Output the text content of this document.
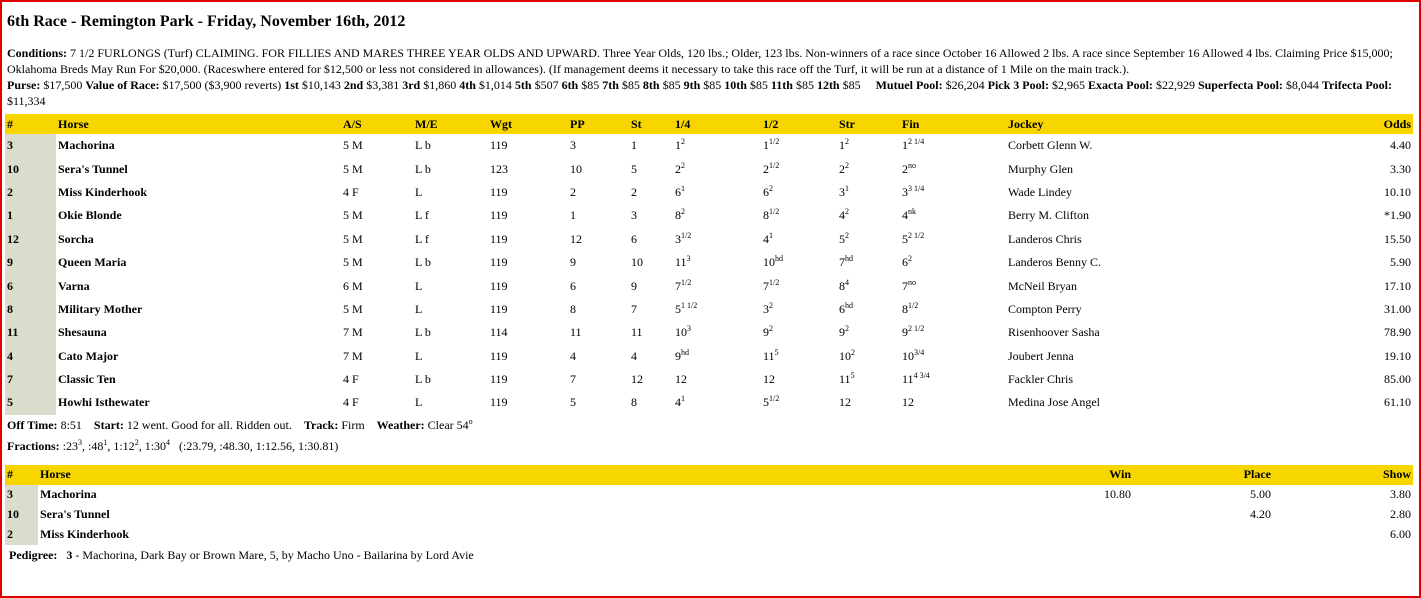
6th Race - Remington Park - Friday, November 16th, 2012
Conditions: 7 1/2 FURLONGS (Turf) CLAIMING. FOR FILLIES AND MARES THREE YEAR OLDS AND UPWARD. Three Year Olds, 120 lbs.; Older, 123 lbs. Non-winners of a race since October 16 Allowed 2 lbs. A race since September 16 Allowed 4 lbs. Claiming Price $15,000; Oklahoma Breds May Run For $20,000. (Raceswhere entered for $12,500 or less not considered in allowances). (If management deems it necessary to take this race off the Turf, it will be run at a distance of 1 Mile on the main track.).
Purse: $17,500 Value of Race: $17,500 ($3,900 reverts) 1st $10,143 2nd $3,381 3rd $1,860 4th $1,014 5th $507 6th $85 7th $85 8th $85 9th $85 10th $85 11th $85 12th $85 Mutuel Pool: $26,204 Pick 3 Pool: $2,965 Exacta Pool: $22,929 Superfecta Pool: $8,044 Trifecta Pool: $11,334
#	Horse	A/S	M/E	Wgt	PP	St	1/4	1/2	Str	Fin	Jockey	Odds
3	Machorina	5 M	L b	119	3	1	$1^2$	$1^{1/2}$	$1^2$	$1^{2 1/4}$	Corbett Glenn W.	4.40
10	Sera's Tunnel	5 M	L b	123	10	5	$2^2$	$2^{1/2}$	$2^2$	$2^{no}$	Murphy Glen	3.30
2	Miss Kinderhook	4 F	L	119	2	2	$6^1$	$6^2$	$3^1$	$3^{3 1/4}$	Wade Lindey	10.10
1	Okie Blonde	5 M	L f	119	1	3	$8^2$	$8^{1/2}$	$4^2$	$4^{nk}$	Berry M. Clifton	*1.90
12	Sorcha	5 M	L f	119	12	6	$3^{1/2}$	$4^1$	$5^2$	$5^{2 1/2}$	Landeros Chris	15.50
9	Queen Maria	5 M	L b	119	9	10	$11^3$	$10^{hd}$	$7^{hd}$	$6^2$	Landeros Benny C.	5.90
6	Varna	6 M	L	119	6	9	$7^{1/2}$	$7^{1/2}$	$8^4$	$7^{no}$	McNeil Bryan	17.10
8	Military Mother	5 M	L	119	8	7	$5^{1 1/2}$	$3^2$	$6^{hd}$	$8^{1/2}$	Compton Perry	31.00
11	Shesauna	7 M	L b	114	11	11	$10^3$	$9^2$	$9^2$	$9^{2 1/2}$	Risenhoover Sasha	78.90
4	Cato Major	7 M	L	119	4	4	$9^{hd}$	$11^5$	$10^2$	$10^{3/4}$	Joubert Jenna	19.10
7	Classic Ten	4 F	L b	119	7	12	12	12	$11^5$	$11^{4 3/4}$	Fackler Chris	85.00
5	Howhi Isthewater	4 F	L	119	5	8	$4^1$	$5^{1/2}$	12	12	Medina Jose Angel	61.10
Off Time: 8:51 Start: 12 went. Good for all. Ridden out. Track: Firm Weather: Clear 54$^o$
Fractions: $:23^3$, $:48^1$, $1:12^2$, $1:30^4$ (:23.79, :48.30, 1:12.56, 1:30.81)
#	Horse	Win	Place	Show
3	Machorina	10.80	5.00	3.80
10	Sera's Tunnel		4.20	2.80
2	Miss Kinderhook			6.00
Pedigree: 3 - Machorina, Dark Bay or Brown Mare, 5, by Macho Uno - Bailarina by Lord Avie
